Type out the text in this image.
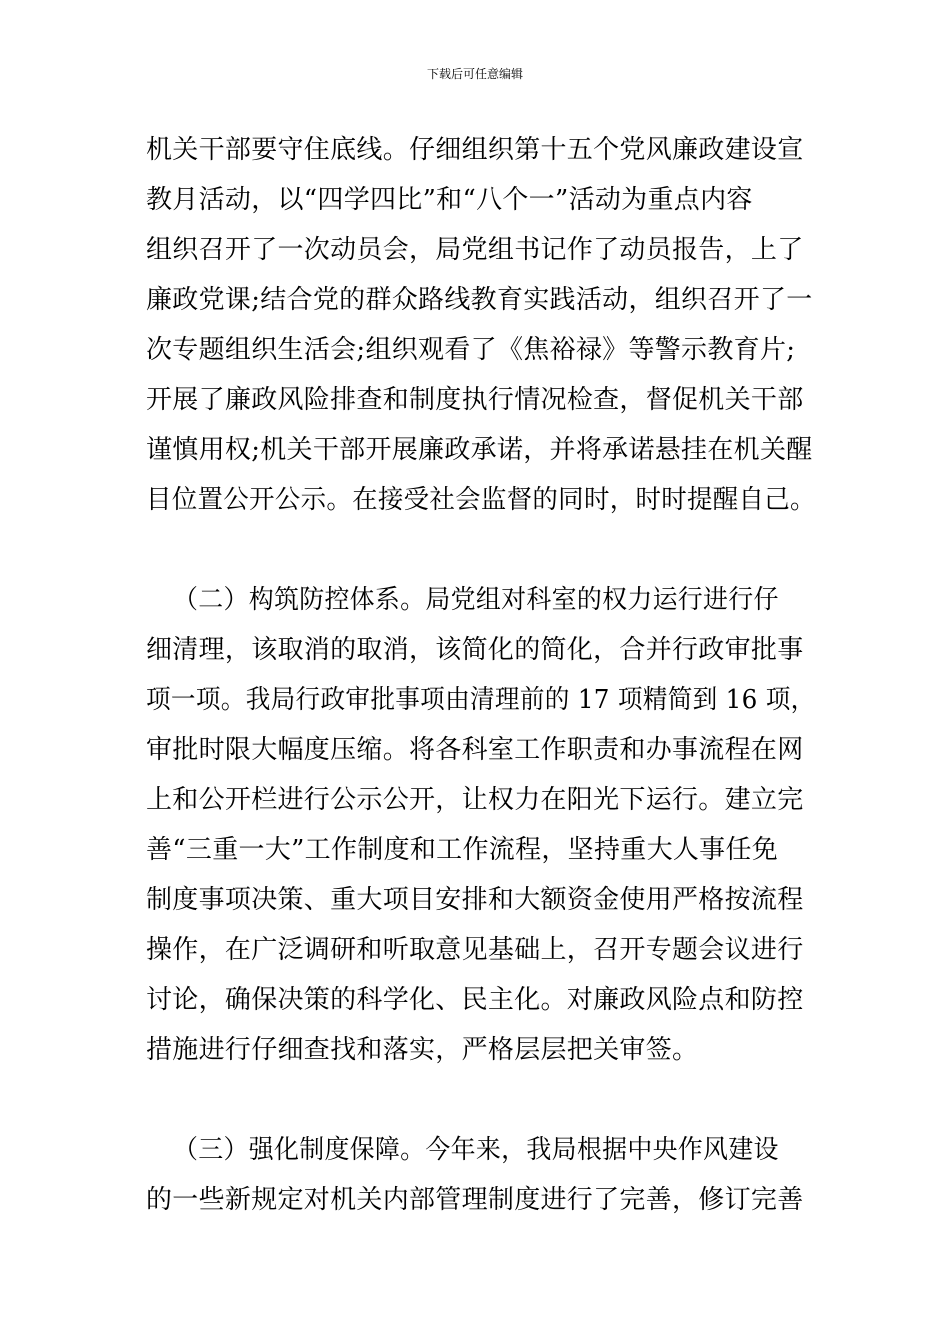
下载后可任意编辑
机关干部要守住底线。仔细组织第十五个党风廉政建设宣
教月活动，以“四学四比”和“八个一”活动为重点内容
组织召开了一次动员会，局党组书记作了动员报告，上了
廉政党课;结合党的群众路线教育实践活动，组织召开了一
次专题组织生活会;组织观看了《焦裕禄》等警示教育片;
开展了廉政风险排查和制度执行情况检查，督促机关干部
谨慎用权;机关干部开展廉政承诺，并将承诺悬挂在机关醒
目位置公开公示。在接受社会监督的同时，时时提醒自己。
（二）构筑防控体系。局党组对科室的权力运行进行仔
细清理，该取消的取消，该简化的简化，合并行政审批事
项一项。我局行政审批事项由清理前的 17 项精简到 16 项，
审批时限大幅度压缩。将各科室工作职责和办事流程在网
上和公开栏进行公示公开，让权力在阳光下运行。建立完
善“三重一大”工作制度和工作流程，坚持重大人事任免
制度事项决策、重大项目安排和大额资金使用严格按流程
操作，在广泛调研和听取意见基础上，召开专题会议进行
讨论，确保决策的科学化、民主化。对廉政风险点和防控
措施进行仔细查找和落实，严格层层把关审签。
（三）强化制度保障。今年来，我局根据中央作风建设
的一些新规定对机关内部管理制度进行了完善，修订完善
